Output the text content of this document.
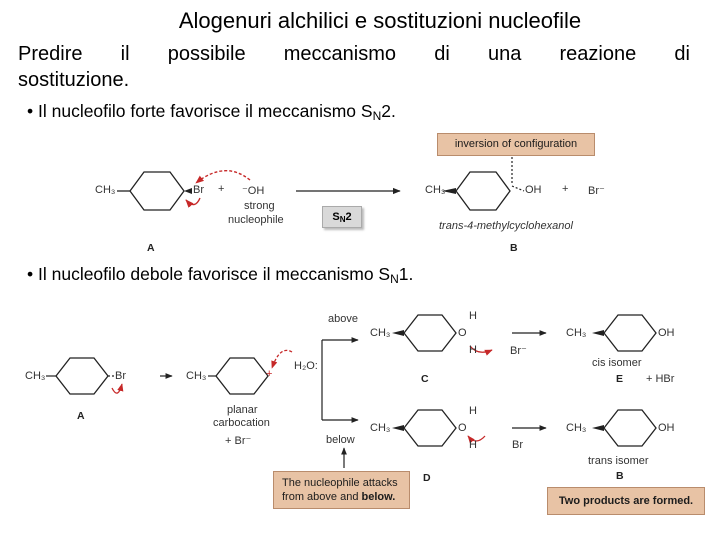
Alogenuri alchilici e sostituzioni nucleofile
Predire il possibile meccanismo di una reazione di
sostituzione.
• Il nucleofilo forte favorisce il meccanismo $S_N2$.
• Il nucleofilo debole favorisce il meccanismo $S_N1$.
inversion of configuration
CH₃	Br + ⁻OH
strong
nucleophile	$S_N2$
CH₃	OH + Br⁻
trans-4-methylcyclohexanol
A	B
CH₃	Br
A
CH₃	+
H₂O:
planar
carbocation
+ Br⁻
above
below
CH₃	O
H
H	Br⁻
C
CH₃	O
H
H	Br
D
CH₃	OH
cis isomer
E + HBr
CH₃	OH
trans isomer
B
The nucleophile attacks
from above and below.	Two products are formed.
